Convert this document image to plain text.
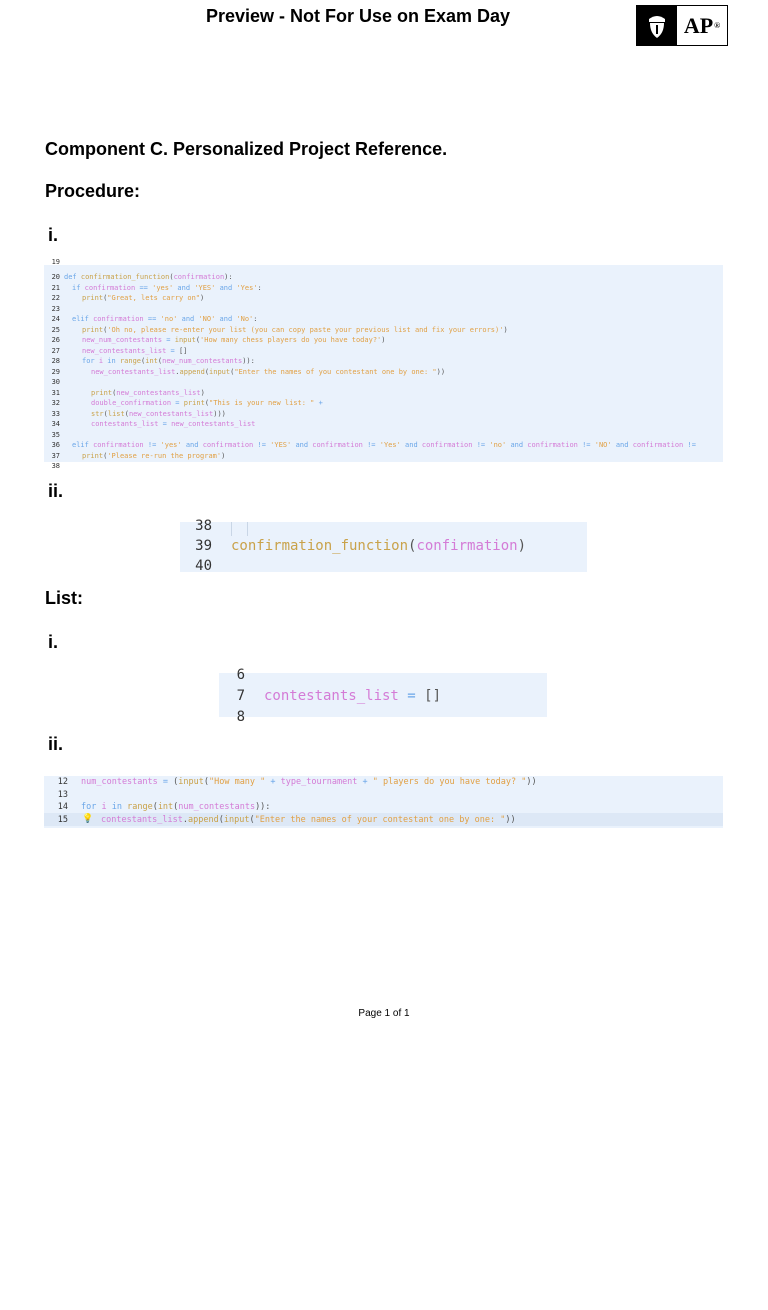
Preview - Not For Use on Exam Day	AP ®
Component C. Personalized Project Reference.
Procedure:
i.

19

20

def confirmation_function(confirmation):

21

if confirmation == 'yes' and 'YES' and 'Yes':

22

	print("Great, lets carry on")

23

24

elif confirmation == 'no' and 'NO' and 'No':

25

	print('Oh no, please re-enter your list (you can copy paste your previous list and fix your errors)')

26

	new_num_contestants = input('How many chess players do you have today?')

27

	new_contestants_list = []

28

	for i in range(int(new_num_contestants)):

29

	new_contestants_list.append(input("Enter the names of you contestant one by one: "))

30

31

	print(new_contestants_list)

32

	double_confirmation = print("This is your new list: " +

33

	str(list(new_contestants_list)))

34

	contestants_list = new_contestants_list

35

36

elif confirmation != 'yes' and confirmation != 'YES' and confirmation != 'Yes' and confirmation != 'no' and confirmation != 'NO' and confirmation !=

37

	print('Please re-run the program')

38

ii.

38

39

confirmation_function(confirmation)

40

List:
i.

6

7

contestants_list = []

8

ii.

12

num_contestants = (input("How many " + type_tournament + " players do you have today? "))

13

14

for i in range(int(num_contestants)):

15

💡

contestants_list.append(input("Enter the names of your contestant one by one: "))

Page 1 of 1
